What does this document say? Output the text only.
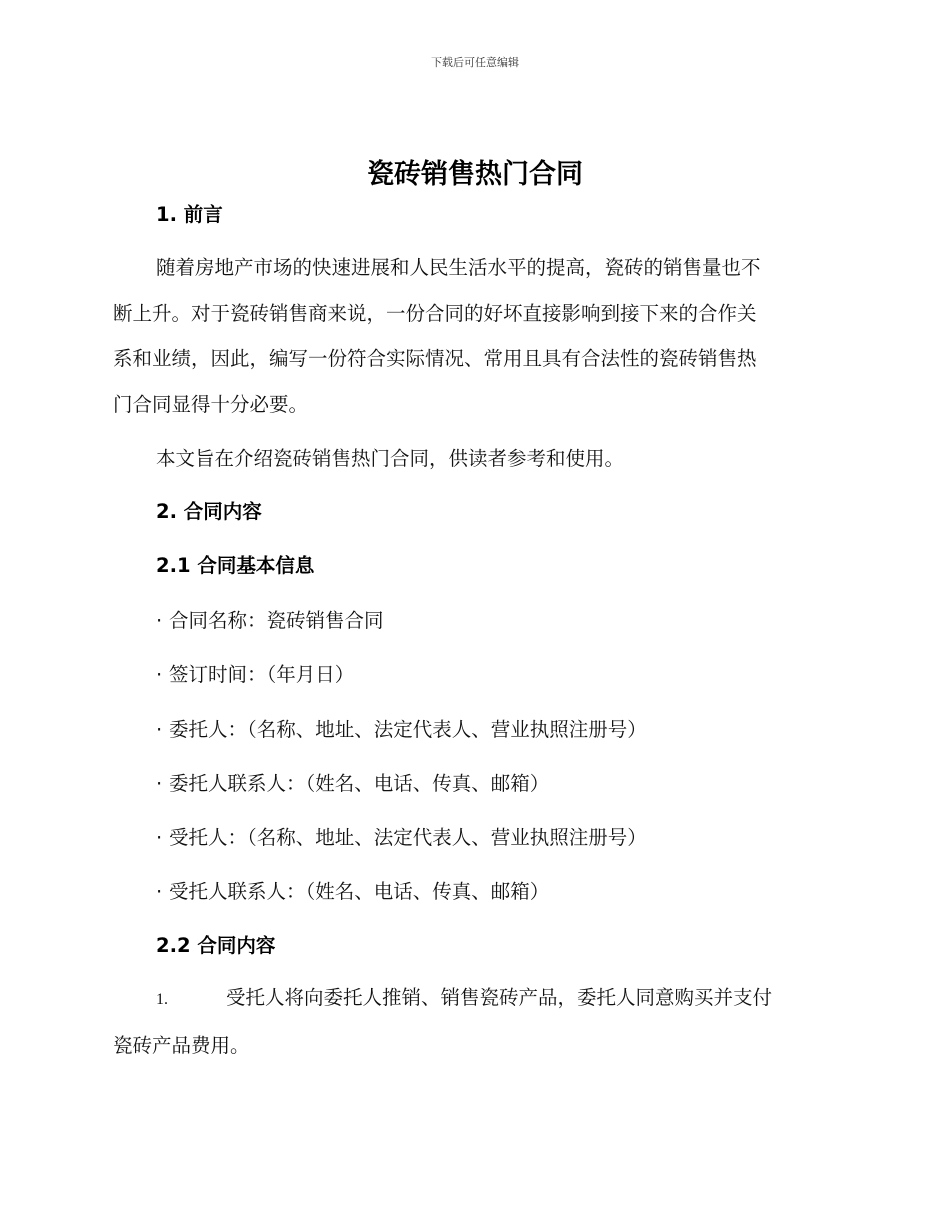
下载后可任意编辑
瓷砖销售热门合同
1. 前言
随着房地产市场的快速进展和人民生活水平的提高，瓷砖的销售量也不
断上升。对于瓷砖销售商来说，一份合同的好坏直接影响到接下来的合作关
系和业绩，因此，编写一份符合实际情况、常用且具有合法性的瓷砖销售热
门合同显得十分必要。
本文旨在介绍瓷砖销售热门合同，供读者参考和使用。
2. 合同内容
2.1 合同基本信息
· 合同名称：瓷砖销售合同
· 签订时间：（年月日）
· 委托人：（名称、地址、法定代表人、营业执照注册号）
· 委托人联系人：（姓名、电话、传真、邮箱）
· 受托人：（名称、地址、法定代表人、营业执照注册号）
· 受托人联系人：（姓名、电话、传真、邮箱）
2.2 合同内容
1.	受托人将向委托人推销、销售瓷砖产品，委托人同意购买并支付
瓷砖产品费用。
